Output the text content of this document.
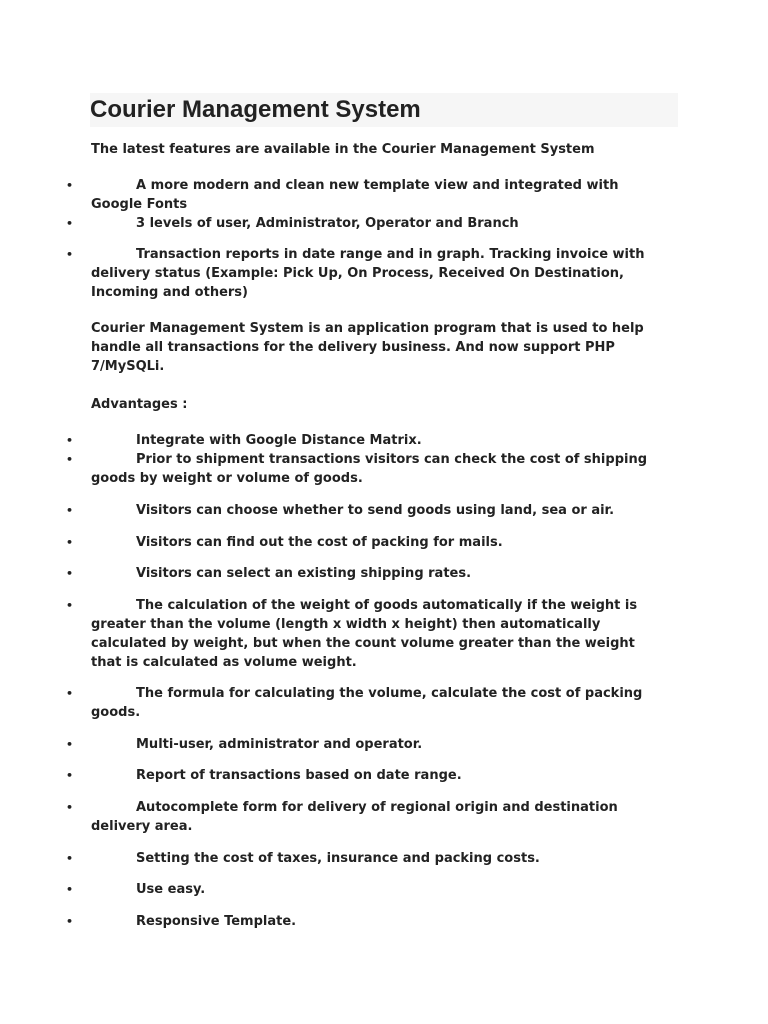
Courier Management System

The latest features are available in the Courier Management System

•	A more modern and clean new template view and integrated with Google Fonts
•	3 levels of user, Administrator, Operator and Branch
•	Transaction reports in date range and in graph. Tracking invoice with delivery status (Example: Pick Up, On Process, Received On Destination, Incoming and others)

Courier Management System is an application program that is used to help handle all transactions for the delivery business. And now support PHP 7/MySQLi.

Advantages :

•	Integrate with Google Distance Matrix.
•	Prior to shipment transactions visitors can check the cost of shipping goods by weight or volume of goods.
•	Visitors can choose whether to send goods using land, sea or air.
•	Visitors can find out the cost of packing for mails.
•	Visitors can select an existing shipping rates.
•	The calculation of the weight of goods automatically if the weight is greater than the volume (length x width x height) then automatically calculated by weight, but when the count volume greater than the weight that is calculated as volume weight.
•	The formula for calculating the volume, calculate the cost of packing goods.
•	Multi-user, administrator and operator.
•	Report of transactions based on date range.
•	Autocomplete form for delivery of regional origin and destination delivery area.
•	Setting the cost of taxes, insurance and packing costs.
•	Use easy.
•	Responsive Template.
